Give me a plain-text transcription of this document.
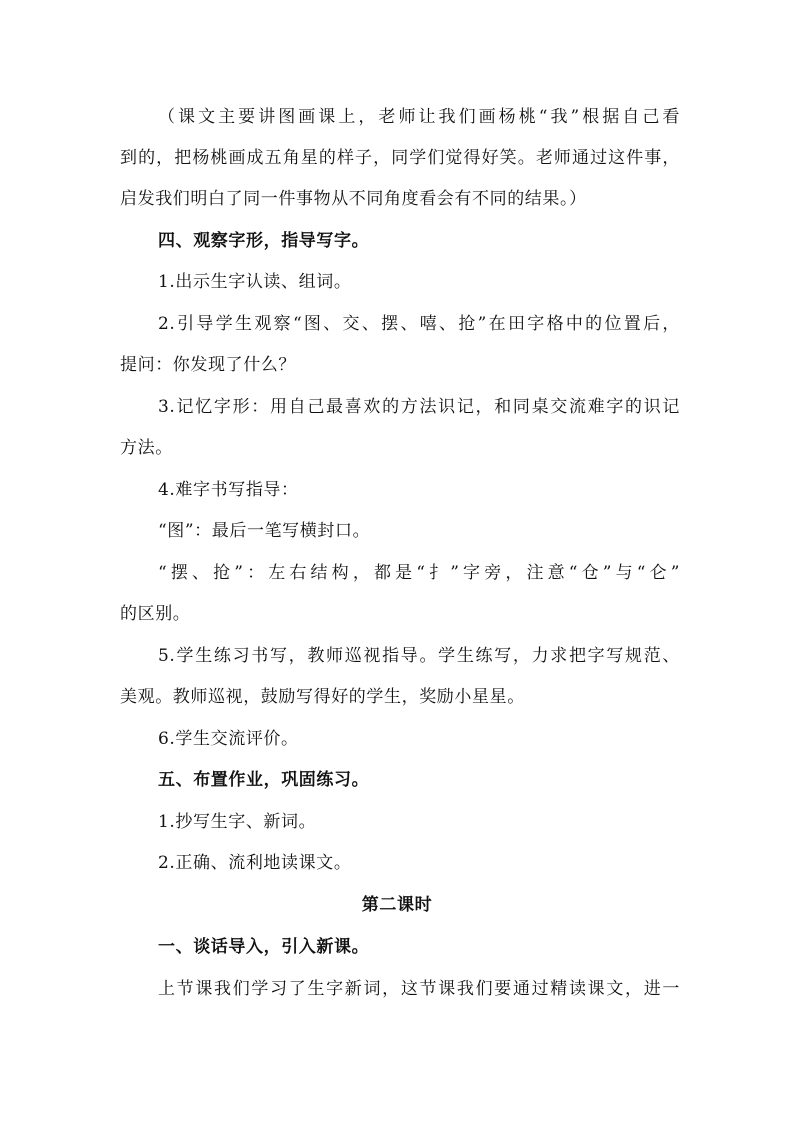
（课文主要讲图画课上，老师让我们画杨桃“我”根据自己看
到的，把杨桃画成五角星的样子，同学们觉得好笑。老师通过这件事，
启发我们明白了同一件事物从不同角度看会有不同的结果。）
四、观察字形，指导写字。
1.出示生字认读、组词。
2.引导学生观察“图、交、摆、嘻、抢”在田字格中的位置后，
提问：你发现了什么？
3.记忆字形：用自己最喜欢的方法识记，和同桌交流难字的识记
方法。
4.难字书写指导：
“图”：最后一笔写横封口。
“摆、抢”：左右结构，都是“扌”字旁，注意“仓”与“仑”
的区别。
5.学生练习书写，教师巡视指导。学生练写，力求把字写规范、
美观。教师巡视，鼓励写得好的学生，奖励小星星。
6.学生交流评价。
五、布置作业，巩固练习。
1.抄写生字、新词。
2.正确、流利地读课文。
第二课时
一、谈话导入，引入新课。
上节课我们学习了生字新词，这节课我们要通过精读课文，进一
